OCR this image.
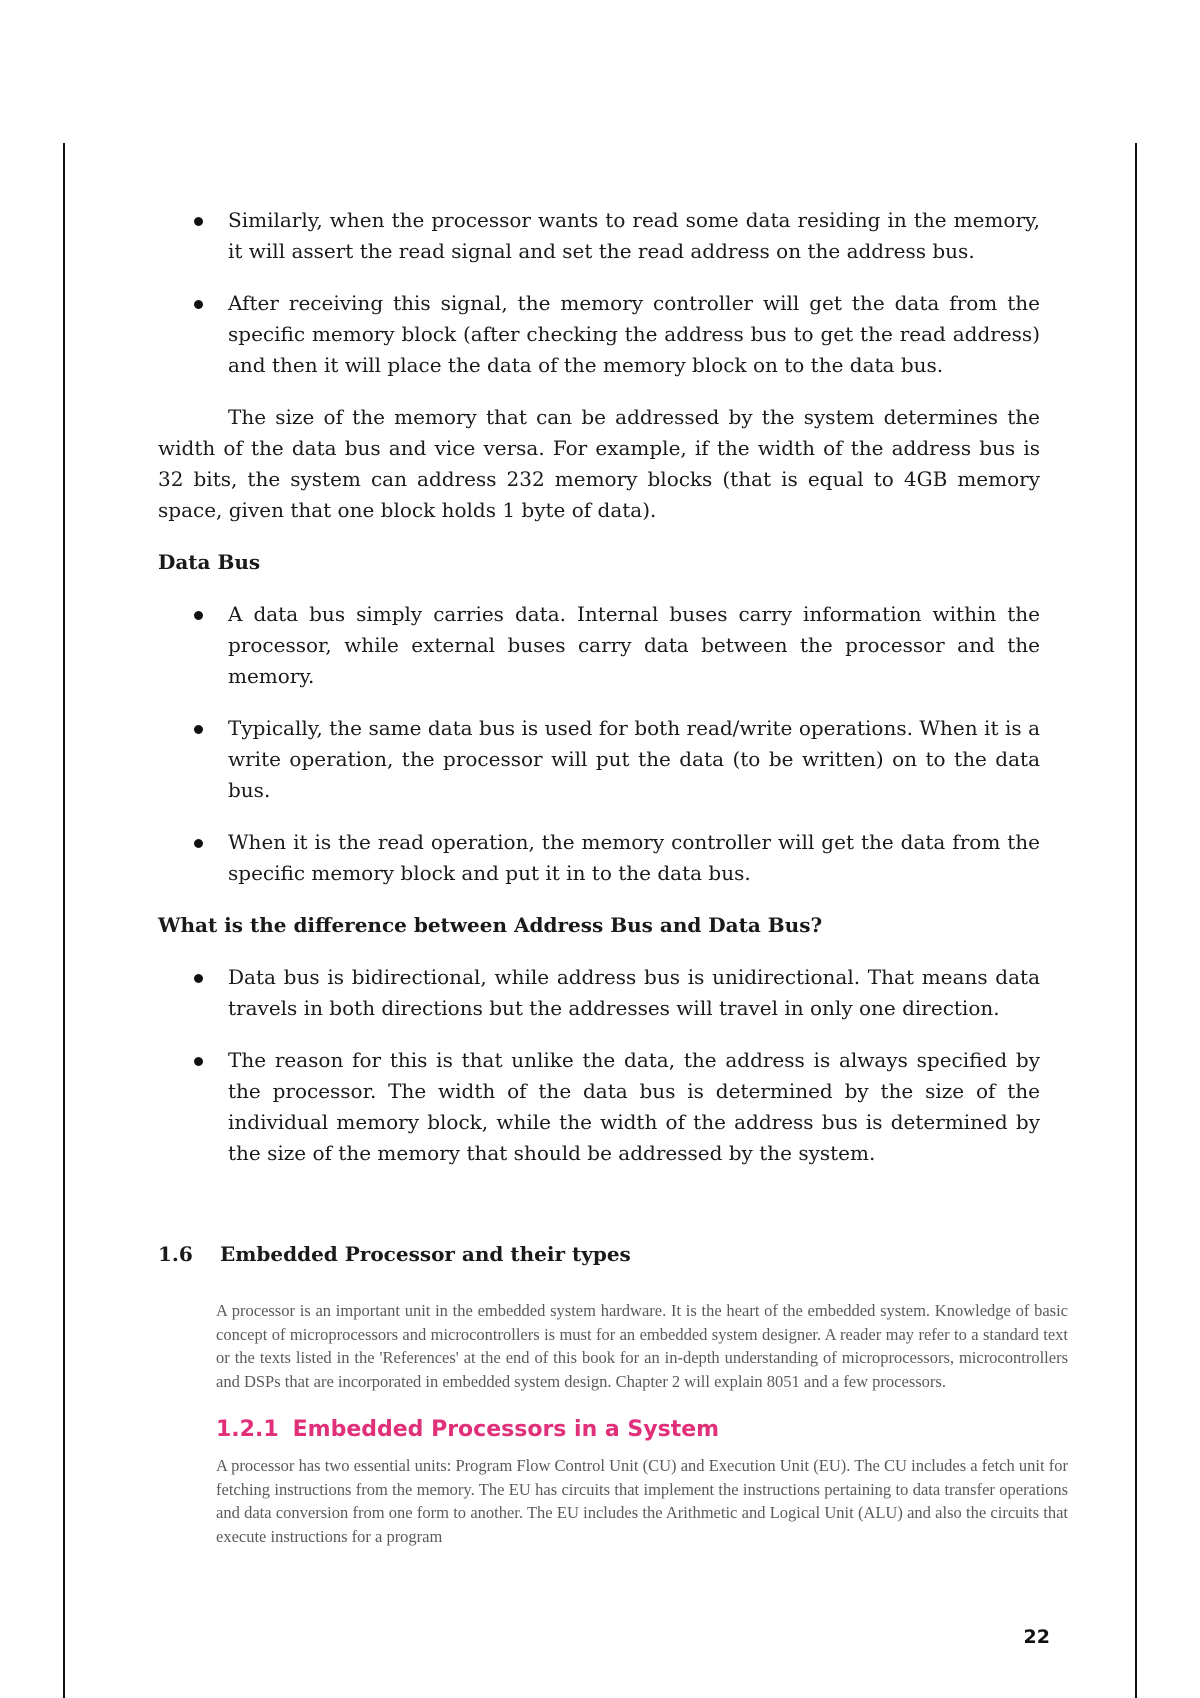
Similarly, when the processor wants to read some data residing in the memory, it will assert the read signal and set the read address on the address bus.
After receiving this signal, the memory controller will get the data from the specific memory block (after checking the address bus to get the read address) and then it will place the data of the memory block on to the data bus.

The size of the memory that can be addressed by the system determines the width of the data bus and vice versa. For example, if the width of the address bus is 32 bits, the system can address 232 memory blocks (that is equal to 4GB memory space, given that one block holds 1 byte of data).

Data Bus
A data bus simply carries data. Internal buses carry information within the processor, while external buses carry data between the processor and the memory.
Typically, the same data bus is used for both read/write operations. When it is a write operation, the processor will put the data (to be written) on to the data bus.
When it is the read operation, the memory controller will get the data from the specific memory block and put it in to the data bus.
What is the difference between Address Bus and Data Bus?
Data bus is bidirectional, while address bus is unidirectional. That means data travels in both directions but the addresses will travel in only one direction.
The reason for this is that unlike the data, the address is always specified by the processor. The width of the data bus is determined by the size of the individual memory block, while the width of the address bus is determined by the size of the memory that should be addressed by the system.
1.6 Embedded Processor and their types

A processor is an important unit in the embedded system hardware. It is the heart of the embedded system. Knowledge of basic concept of microprocessors and microcontrollers is must for an embedded system designer. A reader may refer to a standard text or the texts listed in the 'References' at the end of this book for an in-depth understanding of microprocessors, microcontrollers and DSPs that are incorporated in embedded system design. Chapter 2 will explain 8051 and a few processors.

1.2.1 Embedded Processors in a System

A processor has two essential units: Program Flow Control Unit (CU) and Execution Unit (EU). The CU includes a fetch unit for fetching instructions from the memory. The EU has circuits that implement the instructions pertaining to data transfer operations and data conversion from one form to another. The EU includes the Arithmetic and Logical Unit (ALU) and also the circuits that execute instructions for a program

22
